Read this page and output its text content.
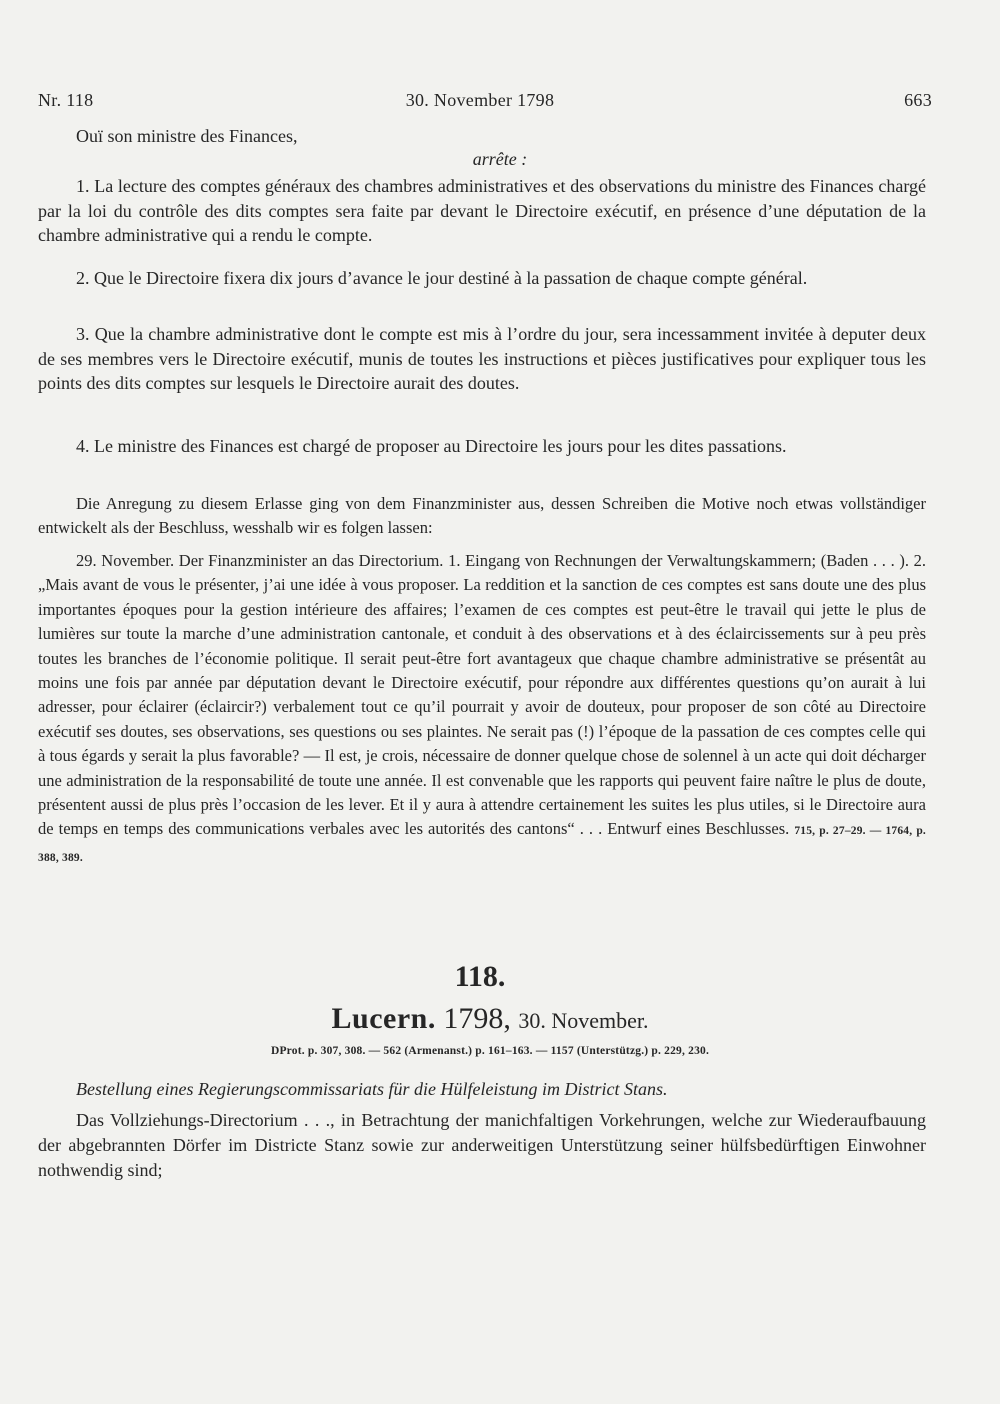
Nr. 118	30. November 1798	663
Ouï son ministre des Finances,
arrête :

1. La lecture des comptes généraux des chambres administratives et des observations du ministre des Finances chargé par la loi du contrôle des dits comptes sera faite par devant le Directoire exécutif, en présence d’une députation de la chambre administrative qui a rendu le compte.

2. Que le Directoire fixera dix jours d’avance le jour destiné à la passation de chaque compte général.

3. Que la chambre administrative dont le compte est mis à l’ordre du jour, sera incessamment invitée à deputer deux de ses membres vers le Directoire exécutif, munis de toutes les instructions et pièces justificatives pour expliquer tous les points des dits comptes sur lesquels le Directoire aurait des doutes.

4. Le ministre des Finances est chargé de proposer au Directoire les jours pour les dites passations.

Die Anregung zu diesem Erlasse ging von dem Finanzminister aus, dessen Schreiben die Motive noch etwas vollständiger entwickelt als der Beschluss, wesshalb wir es folgen lassen:

29. November. Der Finanzminister an das Directorium. 1. Eingang von Rechnungen der Verwaltungskammern; (Baden . . . ). 2. „Mais avant de vous le présenter, j’ai une idée à vous proposer. La reddition et la sanction de ces comptes est sans doute une des plus importantes époques pour la gestion intérieure des affaires; l’examen de ces comptes est peut-être le travail qui jette le plus de lumières sur toute la marche d’une administration cantonale, et conduit à des observations et à des éclaircissements sur à peu près toutes les branches de l’économie politique. Il serait peut-être fort avantageux que chaque chambre administrative se présentât au moins une fois par année par députation devant le Directoire exécutif, pour répondre aux différentes questions qu’on aurait à lui adresser, pour éclairer (éclaircir?) verbalement tout ce qu’il pourrait y avoir de douteux, pour proposer de son côté au Directoire exécutif ses doutes, ses observations, ses questions ou ses plaintes. Ne serait pas (!) l’époque de la passation de ces comptes celle qui à tous égards y serait la plus favorable? — Il est, je crois, nécessaire de donner quelque chose de solennel à un acte qui doit décharger une administration de la responsabilité de toute une année. Il est convenable que les rapports qui peuvent faire naître le plus de doute, présentent aussi de plus près l’occasion de les lever. Et il y aura à attendre certainement les suites les plus utiles, si le Directoire aura de temps en temps des communications verbales avec les autorités des cantons“ . . . Entwurf eines Beschlusses. 715, p. 27–29. — 1764, p. 388, 389.

118.
Lucern. 1798, 30. November.
DProt. p. 307, 308. — 562 (Armenanst.) p. 161–163. — 1157 (Unterstützg.) p. 229, 230.
Bestellung eines Regierungscommissariats für die Hülfeleistung im District Stans.

Das Vollziehungs-Directorium . . ., in Betrachtung der manichfaltigen Vorkehrungen, welche zur Wiederaufbauung der abgebrannten Dörfer im Districte Stanz sowie zur anderweitigen Unterstützung seiner hülfsbedürftigen Einwohner nothwendig sind;
